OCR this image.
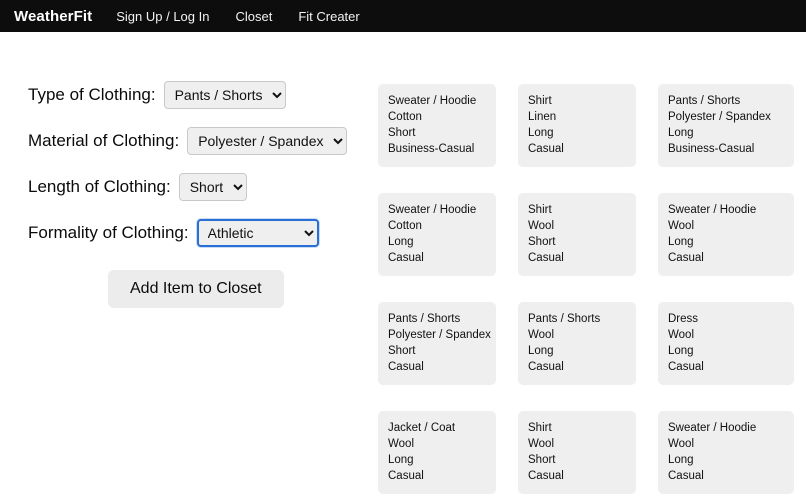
WeatherFit Sign Up / Log In Closet Fit Creater
Type of Clothing:
Pants / Shorts
Material of Clothing:
Polyester / Spandex
Length of Clothing:
Short
Formality of Clothing:
Athletic
Add Item to Closet
Sweater / Hoodie
Cotton
Short
Business-Casual
Shirt
Linen
Long
Casual
Pants / Shorts
Polyester / Spandex
Long
Business-Casual
Sweater / Hoodie
Cotton
Long
Casual
Shirt
Wool
Short
Casual
Sweater / Hoodie
Wool
Long
Casual
Pants / Shorts
Polyester / Spandex
Short
Casual
Pants / Shorts
Wool
Long
Casual
Dress
Wool
Long
Casual
Jacket / Coat
Wool
Long
Casual
Shirt
Wool
Short
Casual
Sweater / Hoodie
Wool
Long
Casual
